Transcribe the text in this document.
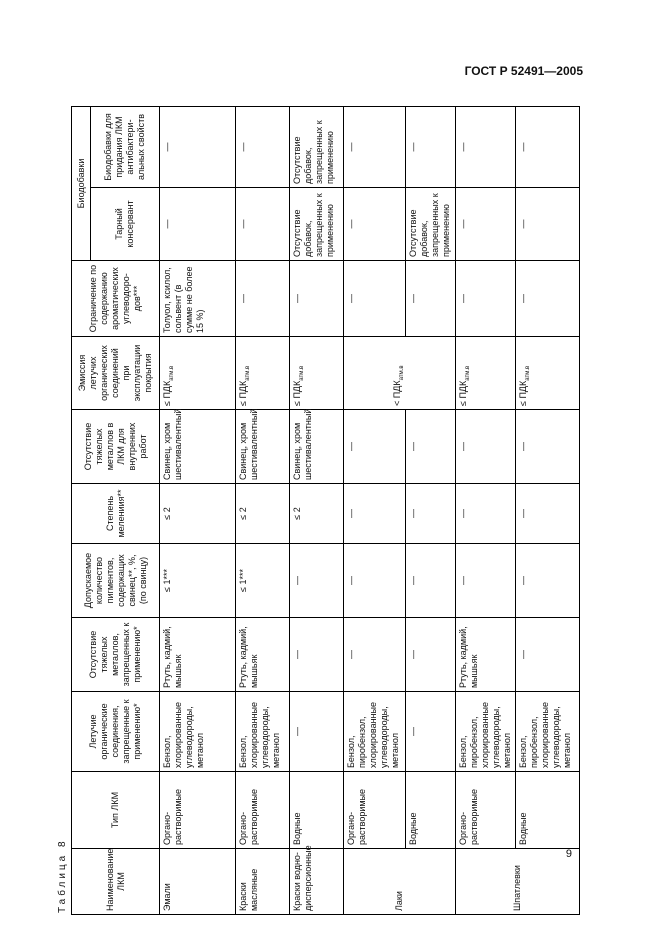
ГОСТ Р 52491—2005
Таблица 8	Наименование ЛКМ	Тип ЛКМ	Летучие органические соединения, запрещенные к применению*	Отсутствие тяжелых металлов, запрещенных к применению*	Допускаемое количество пигментов, содержащих свинец**, %, (по свинцу)	Степень мелениия**	Отсутствие тяжелых металлов в ЛКМ для внутренних работ	Эмиссия летучих органических соединений при эксплуатации покрытия	Ограничение по содержанию ароматических углеводоро-дов***	Биодобавки	
									Тарный консервант	Биодобавки для придания ЛКМ антибактери-альных свойств
Эмали	Органо-растворимые	Бензол, хлорированные углеводороды, метанол	Ртуть, кадмий, мышьяк	≤ 1***	≤ 2	Свинец, хром шестивалентный	≤ $ПДК_{атм.в}$	Толуол, ксилол, сольвент (в сумме не более 15 %)	—	—
Краски масляные	Органо-растворимые	Бензол, хлорированные углеводороды, метанол	Ртуть, кадмий, мышьяк	≤ 1***	≤ 2	Свинец, хром шестивалентный	≤ $ПДК_{атм.в}$	—	—	—
Краски водно-дисперсионные	Водные	—	—	—	≤ 2	Свинец, хром шестивалентный	≤ $ПДК_{атм.в}$	—	Отсутствие добавок, запрещенных к применению	Отсутствие добавок, запрещенных к применению
Лаки	Органо-растворимые	Бензол, пиробензол, хлорированные углеводороды, метанол	—	—	—	—	< $ПДК_{атм.в}$	—	—	—
	Водные	—	—	—	—	—		—	Отсутствие добавок, запрещенных к применению	—
Шпатлевки	Органо-растворимые	Бензол, пиробензол, хлорированные углеводороды, метанол	Ртуть, кадмий, мышьяк	—	—	—	≤ $ПДК_{атм.в}$	—	—	—
	Водные	Бензол, пиробензол, хлорированные углеводороды, метанол	—	—	—	—	≤ $ПДК_{атм.в}$	—	—	—
9
